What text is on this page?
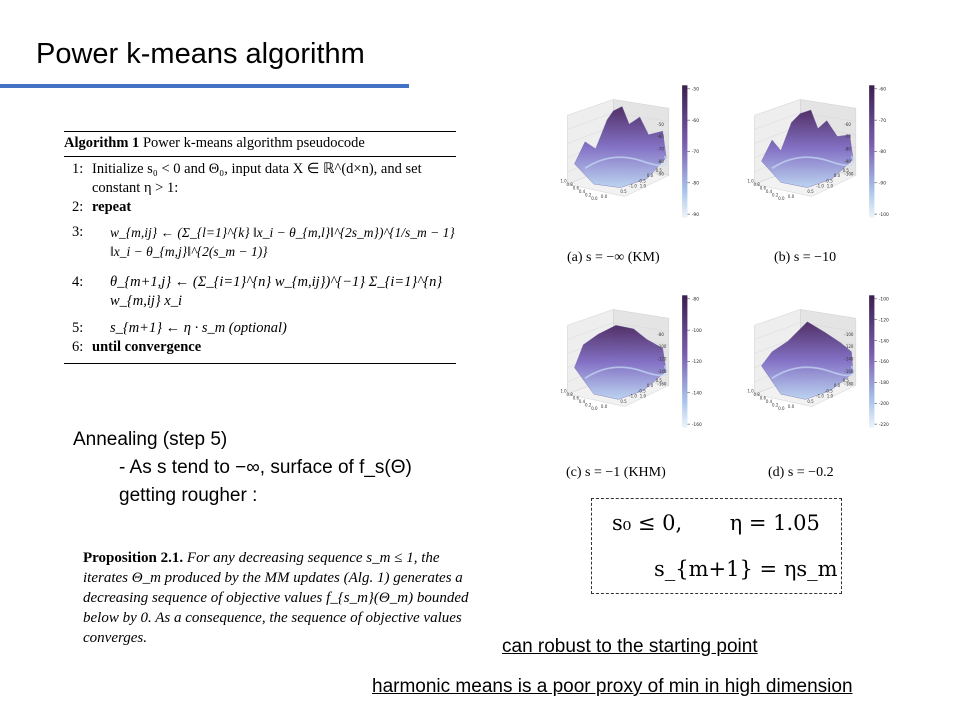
Power k-means algorithm
Algorithm 1 Power k-means algorithm pseudocode
1: Initialize s₀ < 0 and Θ₀, input data X ∈ ℝ^(d×n), and set constant η > 1:
2: repeat
3:	w_{m,ij} ← (Σ_{l=1}^{k} ‖x_i − θ_{m,l}‖^{2s_m})^{1/s_m − 1} ‖x_i − θ_{m,j}‖^{2(s_m − 1)}
4:	θ_{m+1,j} ← (Σ_{i=1}^{n} w_{m,ij})^{−1} Σ_{i=1}^{n} w_{m,ij} x_i
5:	s_{m+1} ← η · s_m (optional)
6: until convergence
Annealing (step 5)
- As s tend to −∞, surface of f_s(Θ)
getting rougher :
Proposition 2.1. For any decreasing sequence s_m ≤ 1, the iterates Θ_m produced by the MM updates (Alg. 1) generates a decreasing sequence of objective values f_{s_m}(Θ_m) bounded below by 0. As a consequence, the sequence of objective values converges.
-50
-60
-70
-80
-90
-50
-60
-70
-80
-90
1.0
0.8
0.6
0.4
0.2
0.0 0.0
0.5
1.0
-1.0
-0.5
0.0
0.5
(a) s = −∞ (KM)
-60
-70
-80
-90
-100
-60
-70
-80
-90
-100
1.0
0.8
0.6
0.4
0.2
0.0 0.0
0.5
1.0
-1.0
-0.5
0.0
0.5
(b) s = −10
-80
-100
-120
-140
-160
-80
-100
-120
-140
-160
1.0
0.8
0.6
0.4
0.2
0.0 0.0
0.5
1.0
-1.0
-0.5
0.0
0.5
(c) s = −1 (KHM)
-100
-120
-140
-160
-180
-200
-220
-100
-120
-140
-160
-180
1.0
0.8
0.6
0.4
0.2
0.0 0.0
0.5
1.0
-1.0
-0.5
0.0
0.5
(d) s = −0.2
s₀ ≤ 0, η = 1.05
s_{m+1} = ηs_m
can robust to the starting point
harmonic means is a poor proxy of min in high dimension
